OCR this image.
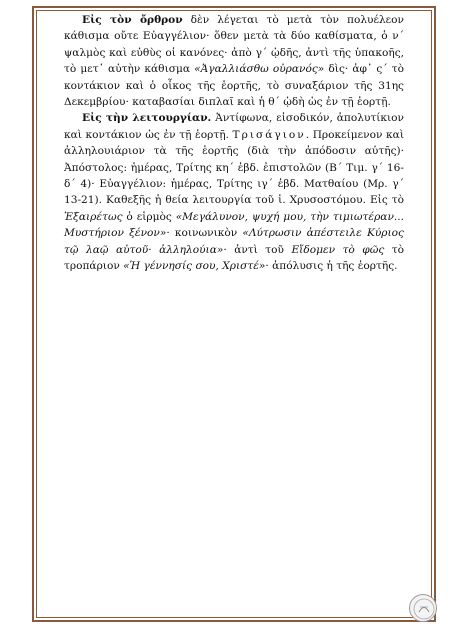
Εἰς τὸν ὄρθρον δὲν λέγεται τὸ μετὰ τὸν πολυέλεον κάθισμα οὔτε Εὐαγγέλιον· ὅθεν μετὰ τὰ δύο καθίσματα, ὁ ν΄ ψαλμὸς καὶ εὐθὺς οἱ κανόνες· ἀπὸ γ΄ ᾠδῆς, ἀντὶ τῆς ὑπακοῆς, τὸ μετ᾽ αὐτὴν κάθισμα «Ἀγαλλιάσθω οὐρανός» δὶς· ἀφ᾽ ς΄ τὸ κοντάκιον καὶ ὁ οἶκος τῆς ἑορτῆς, τὸ συναξάριον τῆς 31ης Δεκεμβρίου· καταβασίαι διπλαῖ καὶ ἡ θ΄ ᾠδὴ ὡς ἐν τῇ ἑορτῇ.

Εἰς τὴν λειτουργίαν. Ἀντίφωνα, εἰσοδικόν, ἀπολυτίκιον καὶ κοντάκιον ὡς ἐν τῇ ἑορτῇ. Τρισάγιον. Προκείμενον καὶ ἀλληλουιάριον τὰ τῆς ἑορτῆς (διὰ τὴν ἀπόδοσιν αὐτῆς)· Ἀπόστολος: ἡμέρας, Τρίτης κη΄ ἑβδ. ἐπιστολῶν (Β΄ Τιμ. γ΄ 16-δ΄ 4)· Εὐαγγέλιον: ἡμέρας, Τρίτης ιγ΄ ἑβδ. Ματθαίου (Μρ. γ΄ 13-21). Καθεξῆς ἡ θεία λειτουργία τοῦ ἱ. Χρυσοστόμου. Εἰς τὸ Ἐξαιρέτως ὁ εἱρμὸς «Μεγάλυνον, ψυχή μου, τὴν τιμιωτέραν... Μυστήριον ξένον»· κοινωνικὸν «Λύτρωσιν ἀπέστειλε Κύριος τῷ λαῷ αὐτοῦ· ἀλληλούια»· ἀντὶ τοῦ Εἴδομεν τὸ φῶς τὸ τροπάριον «Ἡ γέννησίς σου, Χριστέ»· ἀπόλυσις ἡ τῆς ἑορτῆς.
